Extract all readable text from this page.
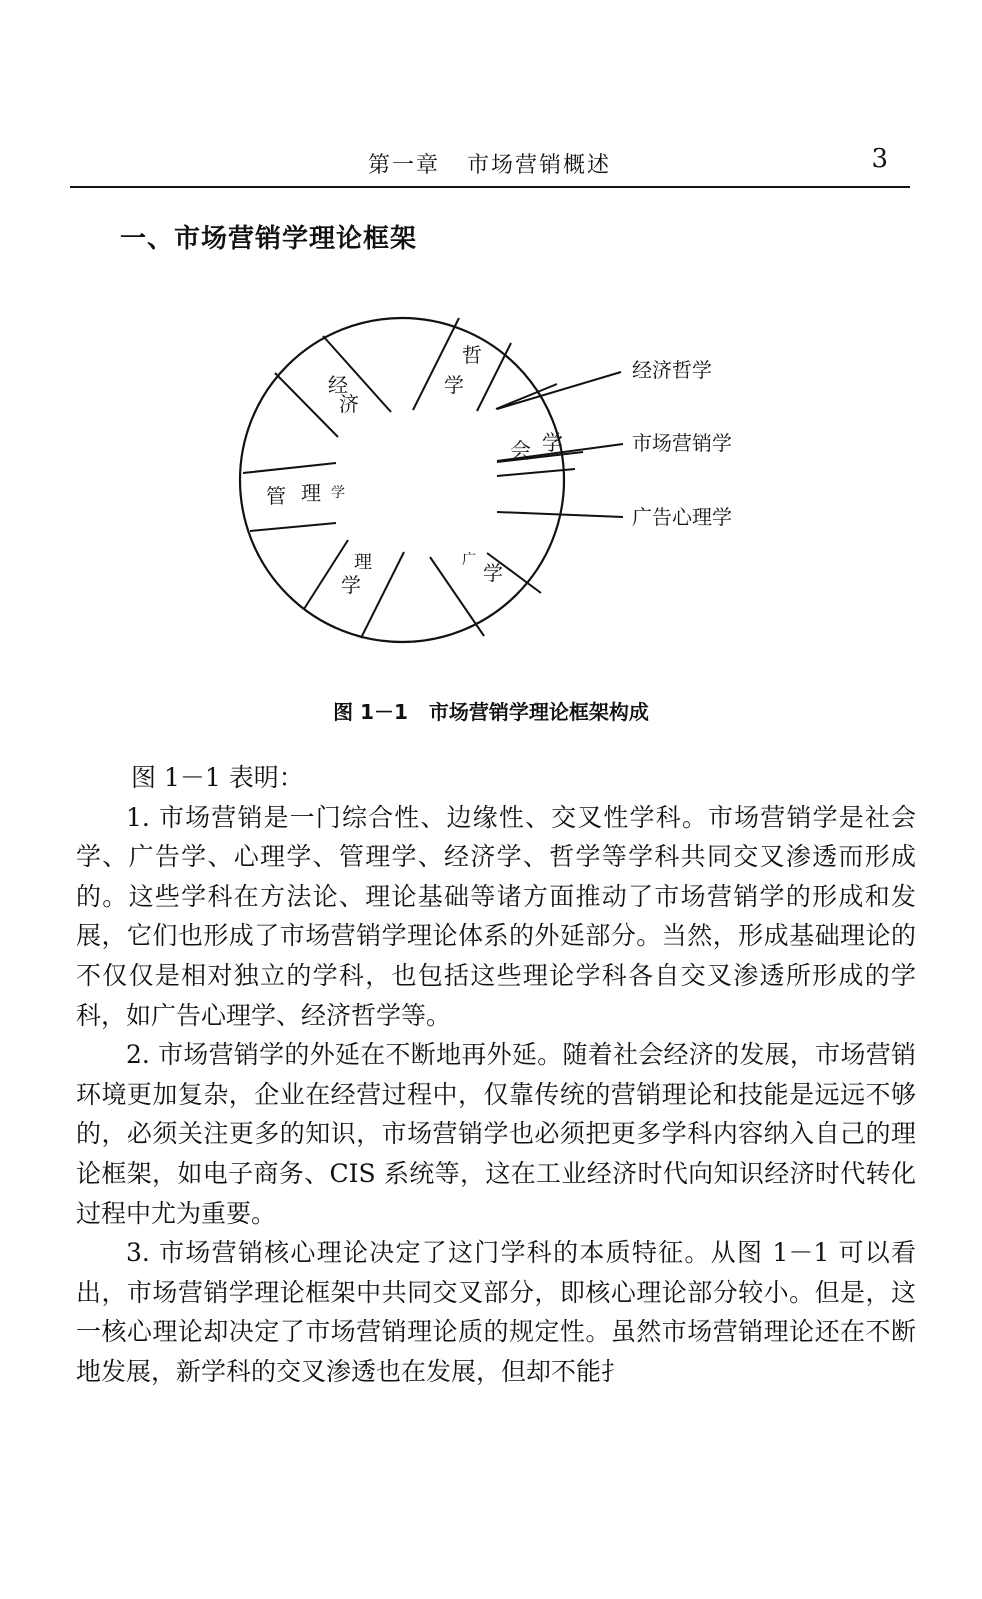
第一章   市场营销概述	3
一、市场营销学理论框架
经
济
哲
学
会 学
管 理 学
理
学
广
学
经济哲学
市场营销学
广告心理学
图 1－1   市场营销学理论框架构成

图 1－1 表明：

1. 市场营销是一门综合性、边缘性、交叉性学科。市场营销学是社会学、广告学、心理学、管理学、经济学、哲学等学科共同交叉渗透而形成的。这些学科在方法论、理论基础等诸方面推动了市场营销学的形成和发展，它们也形成了市场营销学理论体系的外延部分。当然，形成基础理论的不仅仅是相对独立的学科，也包括这些理论学科各自交叉渗透所形成的学科，如广告心理学、经济哲学等。

2. 市场营销学的外延在不断地再外延。随着社会经济的发展，市场营销环境更加复杂，企业在经营过程中，仅靠传统的营销理论和技能是远远不够的，必须关注更多的知识，市场营销学也必须把更多学科内容纳入自己的理论框架，如电子商务、CIS 系统等，这在工业经济时代向知识经济时代转化过程中尤为重要。

3. 市场营销核心理论决定了这门学科的本质特征。从图 1－1 可以看出，市场营销学理论框架中共同交叉部分，即核心理论部分较小。但是，这一核心理论却决定了市场营销理论质的规定性。虽然市场营销理论还在不断地发展，新学科的交叉渗透也在发展，但却不能扌
